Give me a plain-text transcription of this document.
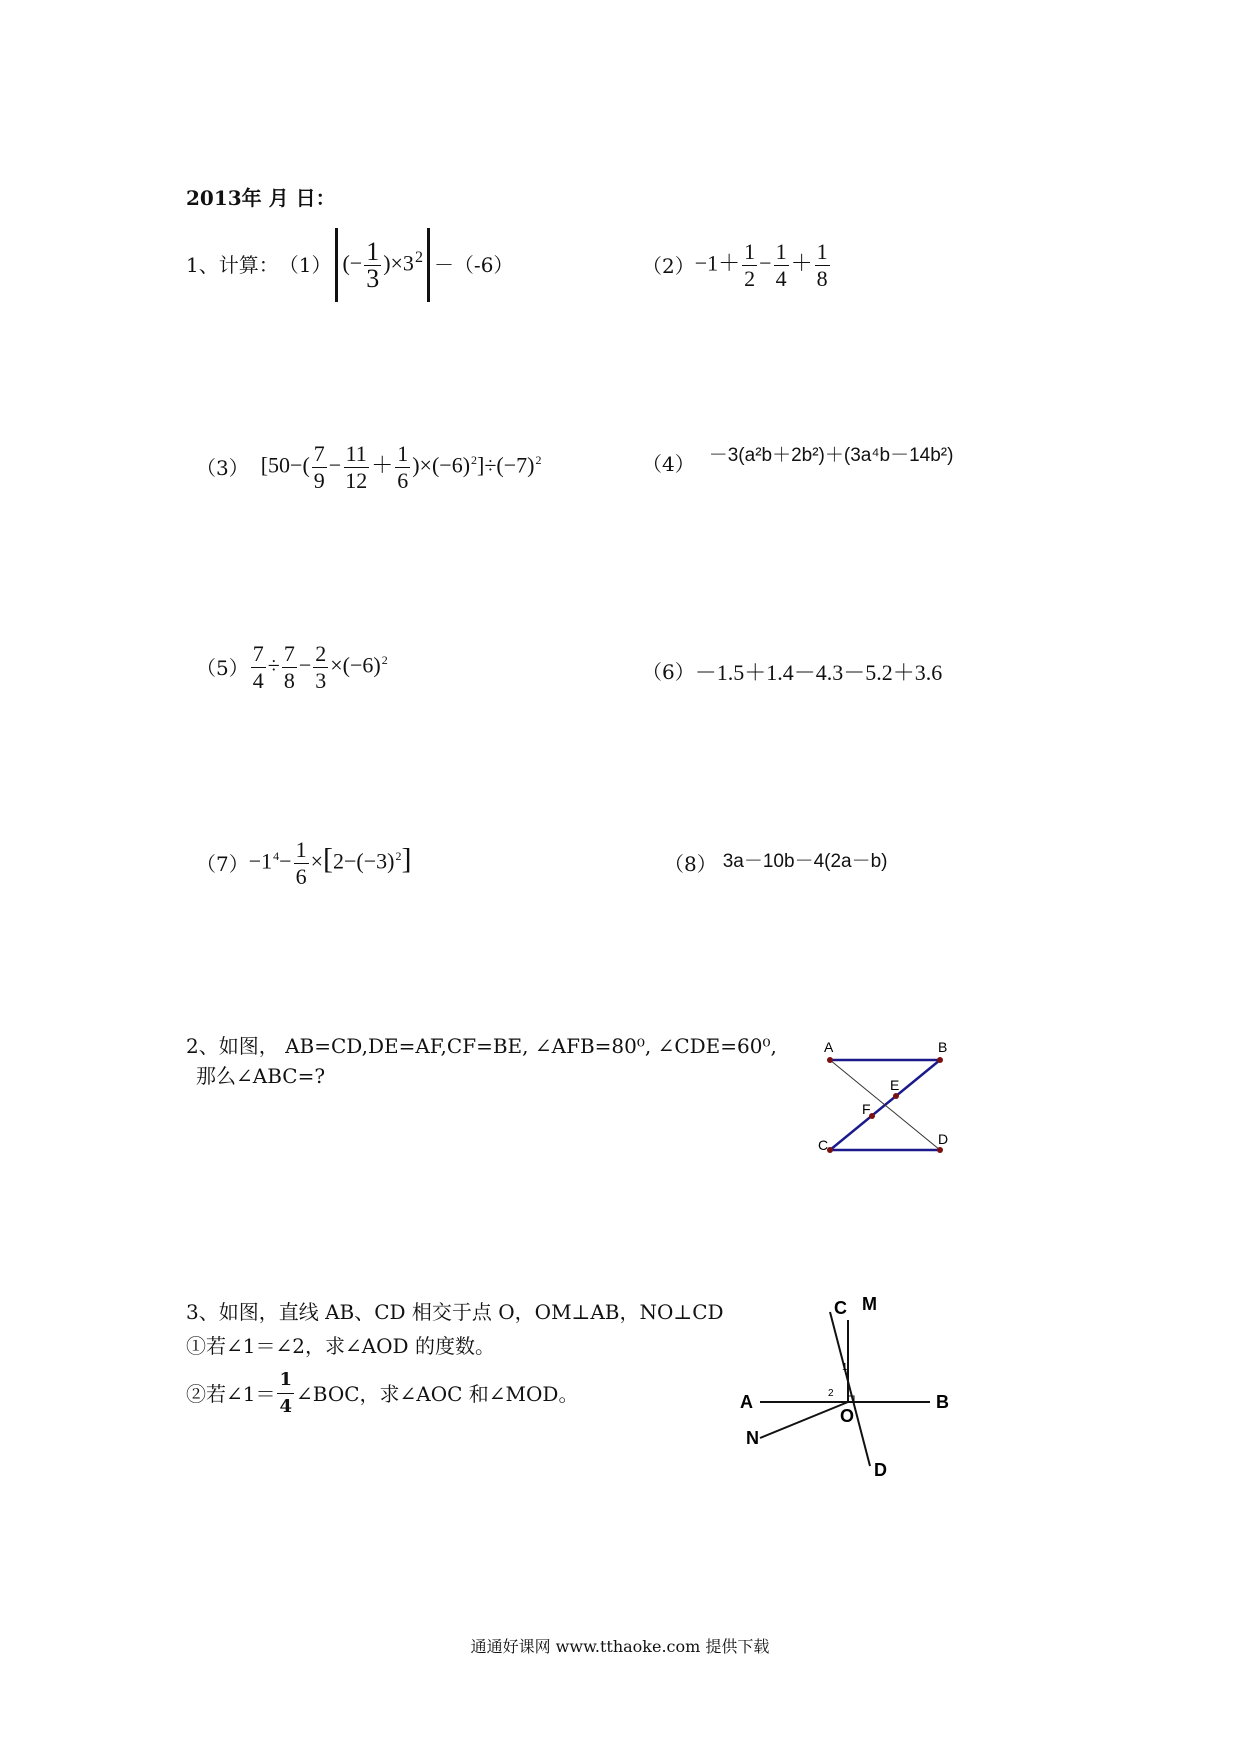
2013年 月 日：
1、计算： （1） (− $\frac{1}{3} )\times 3^2 -(-6)$	$(2) -1+ \frac{1}{2} - \frac{1}{4} + \frac{1}{8}$
（3） $[50-( \frac{7}{9} - \frac{11}{12} + \frac{1}{6} )\times(-6)^2]\div(-7)^2$	（4） －3(a²b＋2b²)＋(3a⁴b－14b²)
$(5) \frac{7}{4} \div \frac{7}{8} - \frac{2}{3} \times(-6)^2$	（6） －1.5＋1.4－4.3－5.2＋3.6
$(7) -1^4- \frac{1}{6} \times[2-(-3)^2]$	（8） 3a－10b－4(2a－b)
2、如图， AB=CD,DE=AF,CF=BE, ∠AFB=80⁰, ∠CDE=60⁰,
那么∠ABC=?
A	B
C	D
E
F
3、如图，直线 AB、CD 相交于点 O，OM⊥AB，NO⊥CD
①若∠1＝∠2，求∠AOD 的度数。
②若∠1＝ $\frac{1}{4}$ ∠BOC，求∠AOC 和∠MOD。
C M
A	B
N
O
D
1
2
通通好课网 www.tthaoke.com 提供下载
